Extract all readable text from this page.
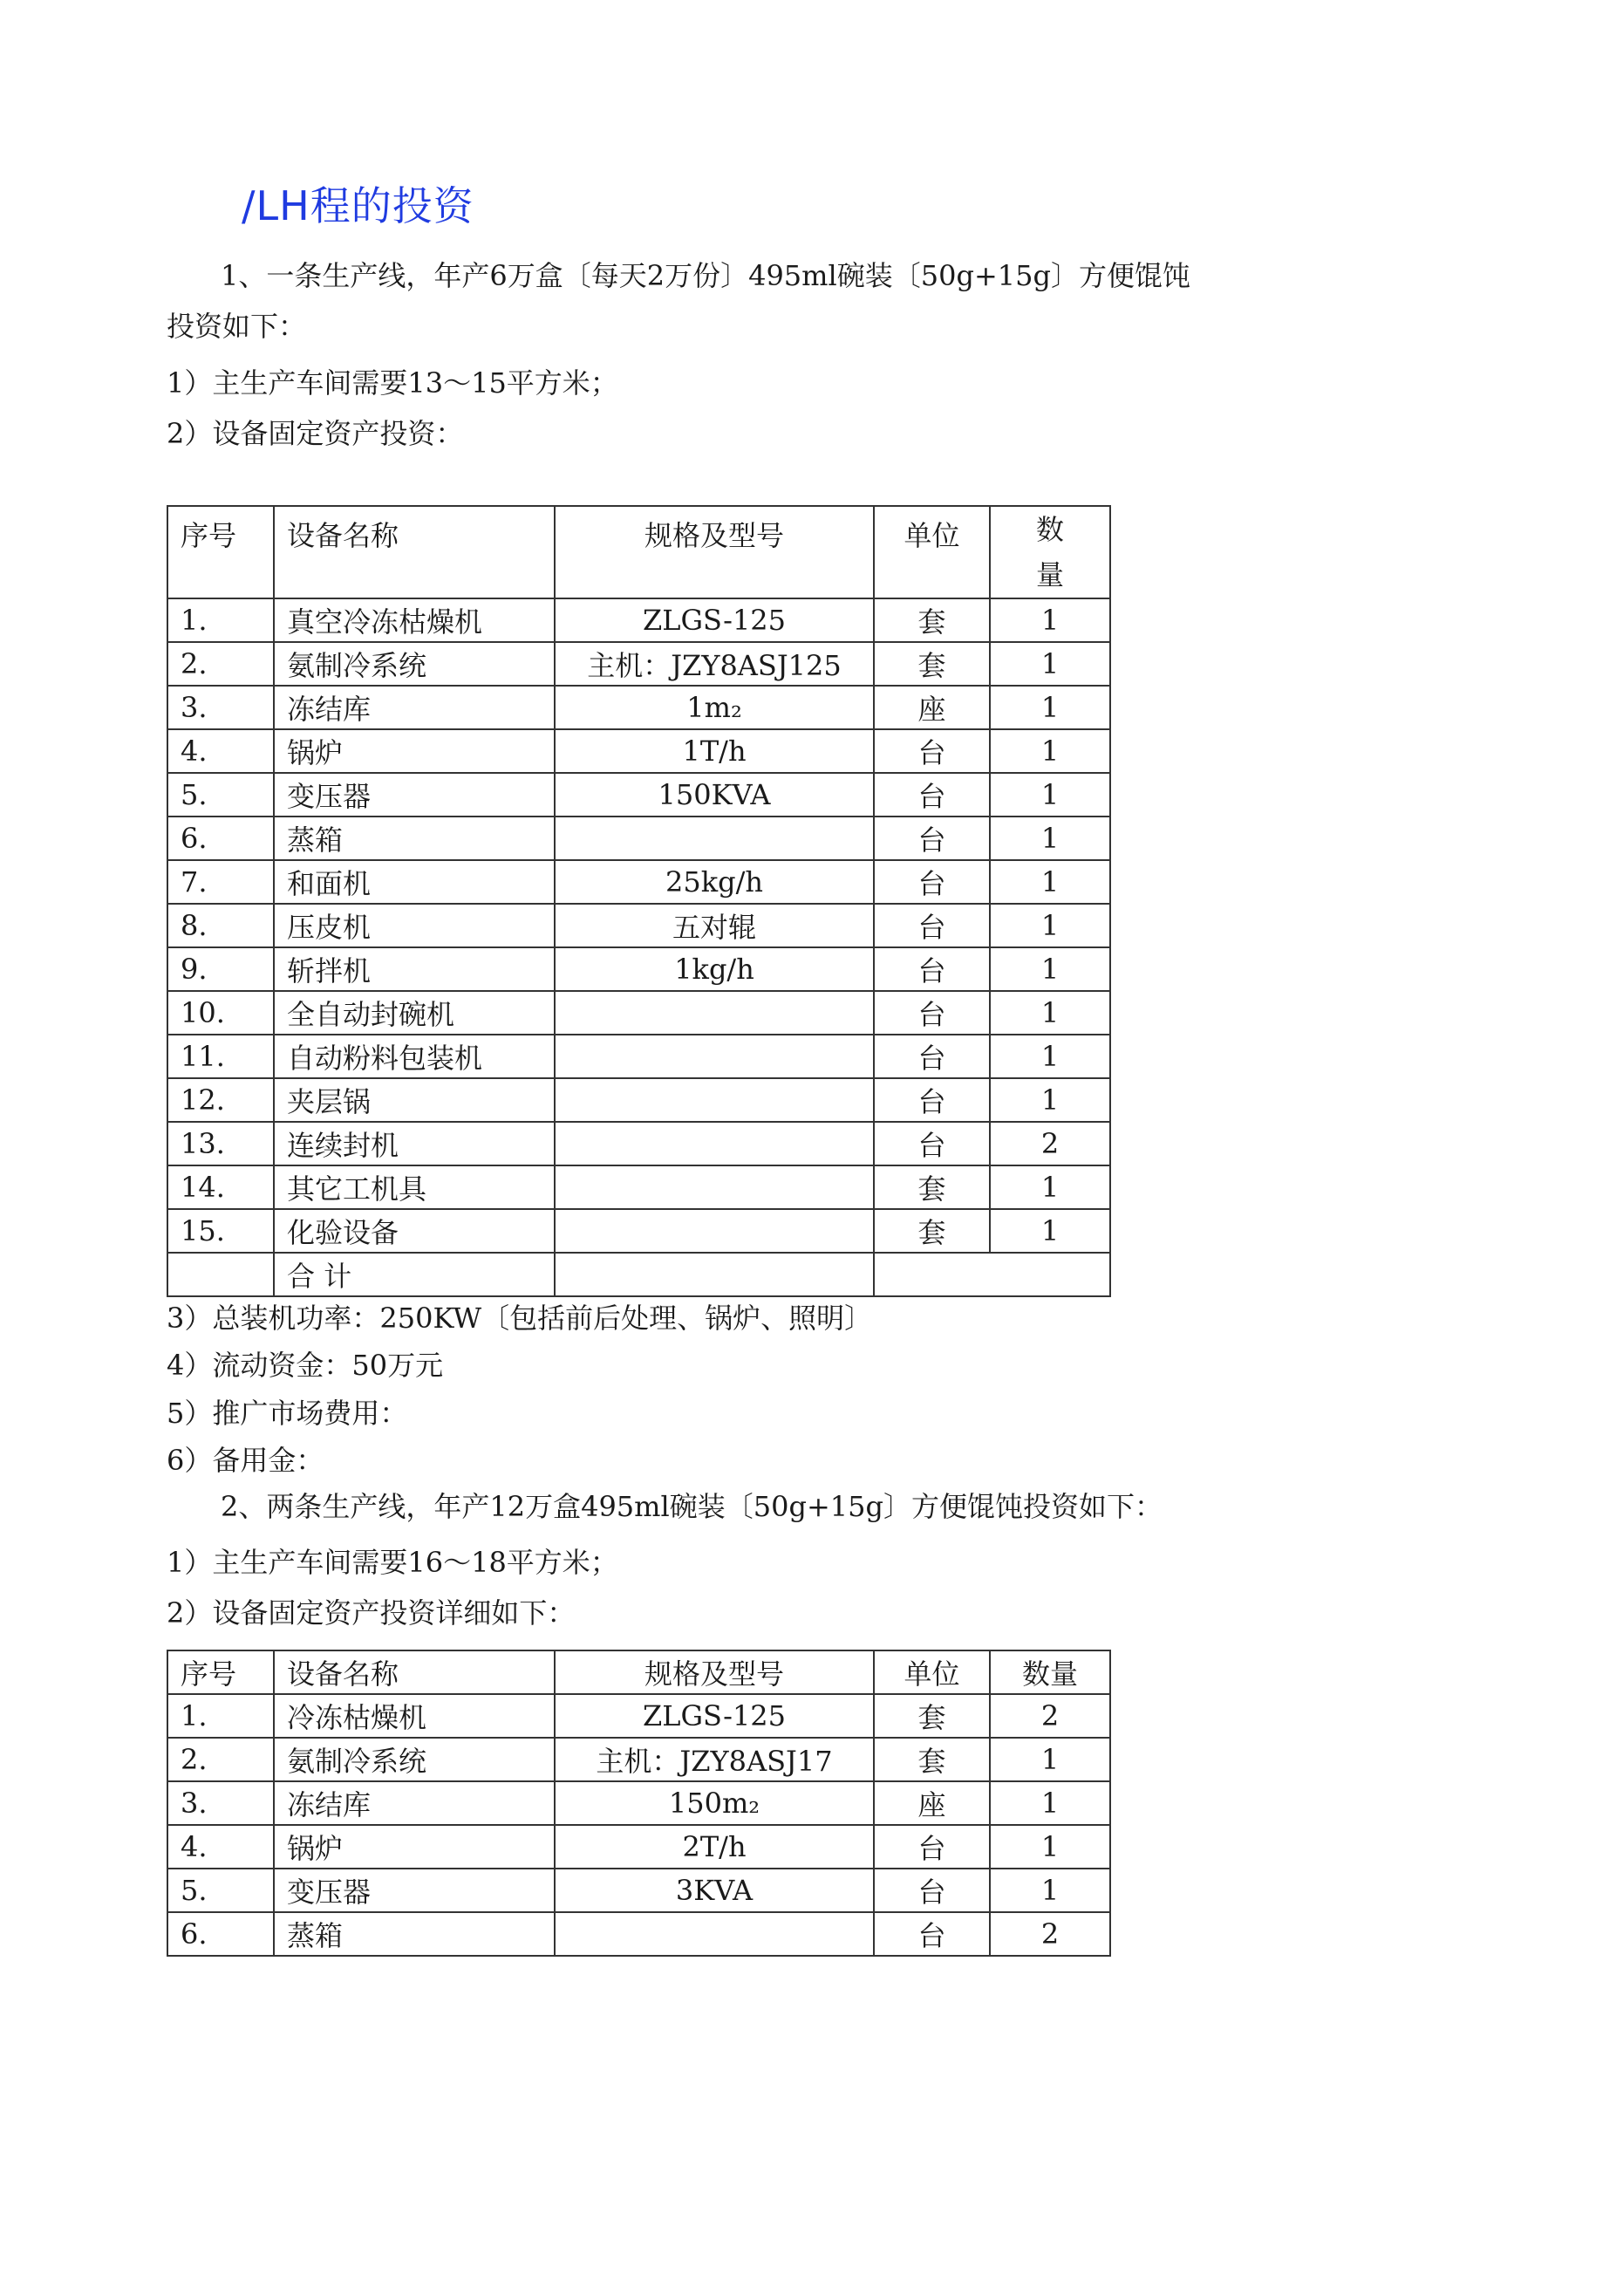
/LH程的投资
1、一条生产线，年产6万盒〔每天2万份〕495ml碗装〔50g+15g〕方便馄饨
投资如下：
1）主生产车间需要13〜15平方米；
2）设备固定资产投资：
序号	设备名称	规格及型号	单位	数
量
1.	真空冷冻枯燥机	ZLGS-125	套	1
2.	氨制冷系统	主机：JZY8ASJ125	套	1
3.	冻结库	1m₂	座	1
4.	锅炉	1T/h	台	1
5.	变压器	150KVA	台	1
6.	蒸箱		台	1
7.	和面机	25kg/h	台	1
8.	压皮机	五对辊	台	1
9.	斩拌机	1kg/h	台	1
10.	全自动封碗机		台	1
11.	自动粉料包装机		台	1
12.	夹层锅		台	1
13.	连续封机		台	2
14.	其它工机具		套	1
15.	化验设备		套	1
	合 计			
3）总装机功率：250KW〔包括前后处理、锅炉、照明〕
4）流动资金：50万元
5）推广市场费用：
6）备用金：
2、两条生产线，年产12万盒495ml碗装〔50g+15g〕方便馄饨投资如下：
1）主生产车间需要16〜18平方米；
2）设备固定资产投资详细如下：
序号	设备名称	规格及型号	单位	数量
1.	冷冻枯燥机	ZLGS-125	套	2
2.	氨制冷系统	主机：JZY8ASJ17	套	1
3.	冻结库	150m₂	座	1
4.	锅炉	2T/h	台	1
5.	变压器	3KVA	台	1
6.	蒸箱		台	2
